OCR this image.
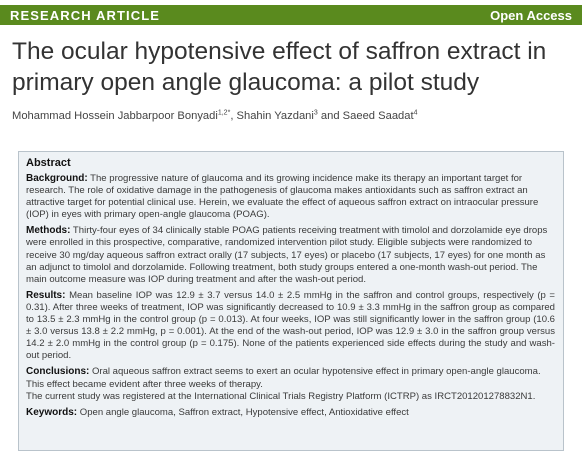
RESEARCH ARTICLE	Open Access
The ocular hypotensive effect of saffron extract in primary open angle glaucoma: a pilot study
Mohammad Hossein Jabbarpoor Bonyadi$^{1,2*}$, Shahin Yazdani$^3$ and Saeed Saadat$^4$
Abstract
Background: The progressive nature of glaucoma and its growing incidence make its therapy an important target for research. The role of oxidative damage in the pathogenesis of glaucoma makes antioxidants such as saffron extract an attractive target for potential clinical use. Herein, we evaluate the effect of aqueous saffron extract on intraocular pressure (IOP) in eyes with primary open-angle glaucoma (POAG).
Methods: Thirty-four eyes of 34 clinically stable POAG patients receiving treatment with timolol and dorzolamide eye drops were enrolled in this prospective, comparative, randomized intervention pilot study. Eligible subjects were randomized to receive 30 mg/day aqueous saffron extract orally (17 subjects, 17 eyes) or placebo (17 subjects, 17 eyes) for one month as an adjunct to timolol and dorzolamide. Following treatment, both study groups entered a one-month wash-out period. The main outcome measure was IOP during treatment and after the wash-out period.
Results: Mean baseline IOP was 12.9 ± 3.7 versus 14.0 ± 2.5 mmHg in the saffron and control groups, respectively (p = 0.31). After three weeks of treatment, IOP was significantly decreased to 10.9 ± 3.3 mmHg in the saffron group as compared to 13.5 ± 2.3 mmHg in the control group (p = 0.013). At four weeks, IOP was still significantly lower in the saffron group (10.6 ± 3.0 versus 13.8 ± 2.2 mmHg, p = 0.001). At the end of the wash-out period, IOP was 12.9 ± 3.0 in the saffron group versus 14.2 ± 2.0 mmHg in the control group (p = 0.175). None of the patients experienced side effects during the study and wash-out period.
Conclusions: Oral aqueous saffron extract seems to exert an ocular hypotensive effect in primary open-angle glaucoma. This effect became evident after three weeks of therapy.
The current study was registered at the International Clinical Trials Registry Platform (ICTRP) as IRCT201201278832N1.
Keywords: Open angle glaucoma, Saffron extract, Hypotensive effect, Antioxidative effect
